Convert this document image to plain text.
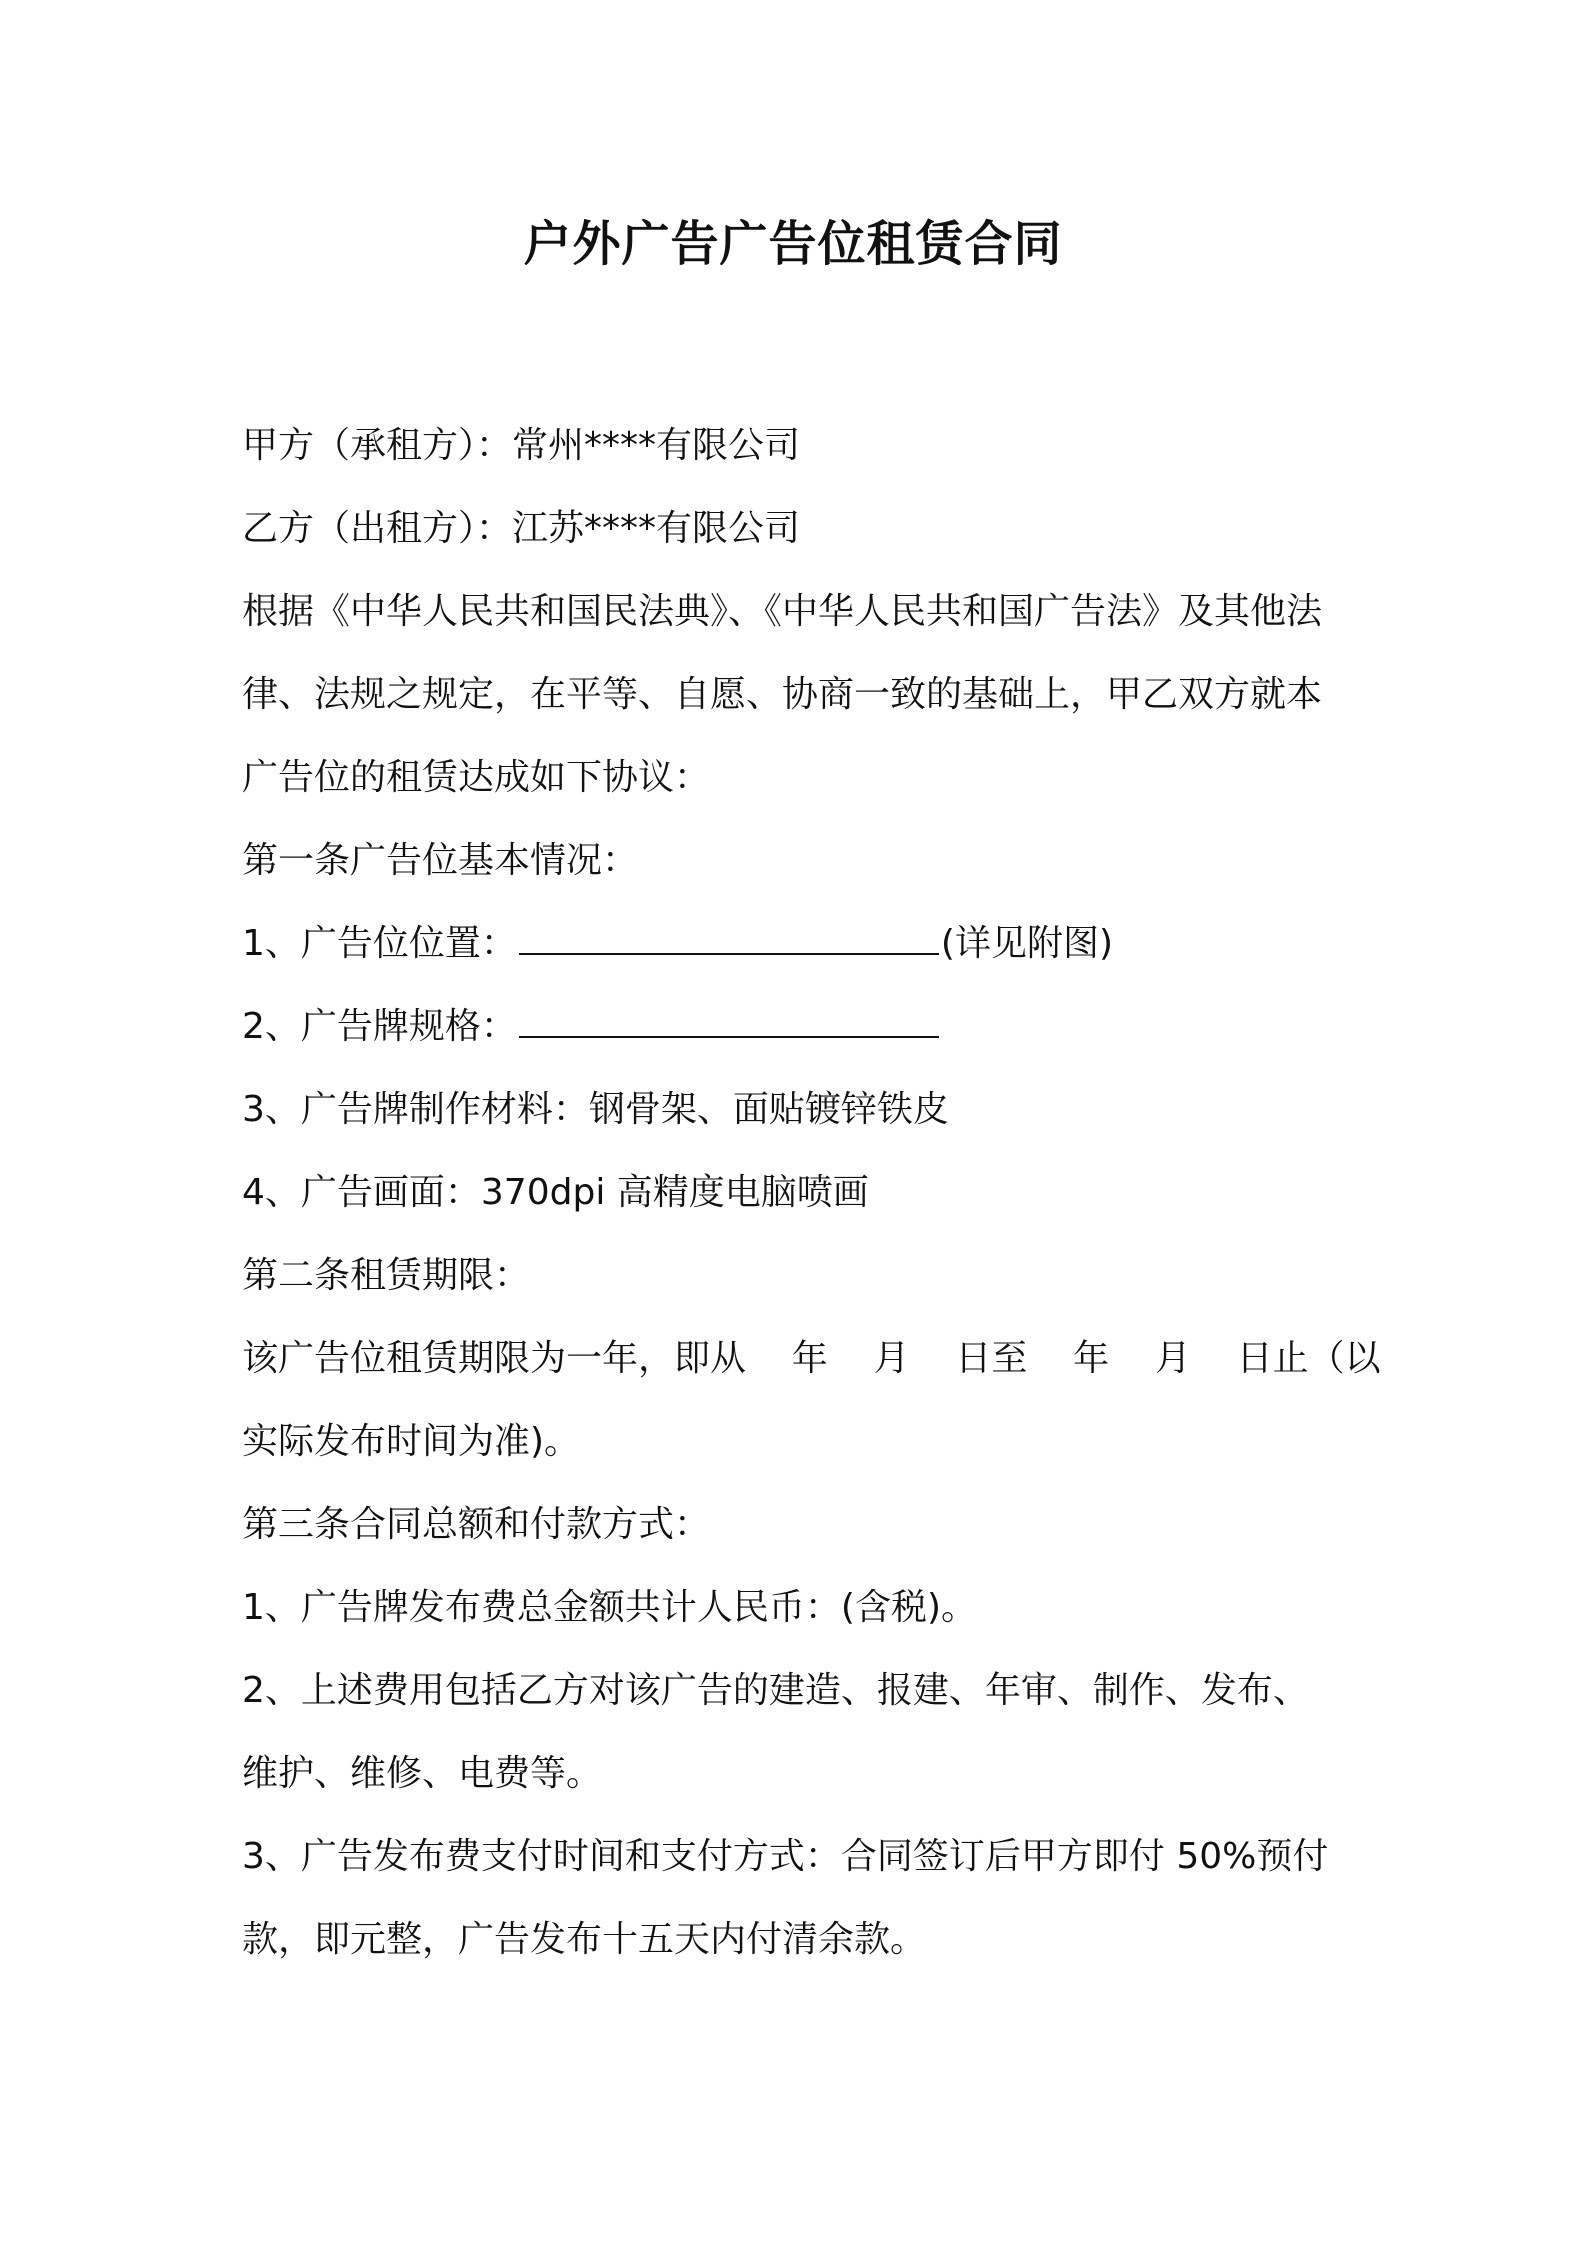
户外广告广告位租赁合同
甲方（承租方）：常州****有限公司
乙方（出租方）：江苏****有限公司
根据《中华人民共和国民法典》、《中华人民共和国广告法》及其他法
律、法规之规定，在平等、自愿、协商一致的基础上，甲乙双方就本
广告位的租赁达成如下协议：
第一条广告位基本情况：
1、广告位位置：	(详见附图)
2、广告牌规格：
3、广告牌制作材料：钢骨架、面贴镀锌铁皮
4、广告画面：370dpi 高精度电脑喷画
第二条租赁期限：
该广告位租赁期限为一年，即从    年    月    日至    年    月    日止（以
实际发布时间为准)。
第三条合同总额和付款方式：
1、广告牌发布费总金额共计人民币：(含税)。
2、上述费用包括乙方对该广告的建造、报建、年审、制作、发布、
维护、维修、电费等。
3、广告发布费支付时间和支付方式：合同签订后甲方即付 50%预付
款，即元整，广告发布十五天内付清余款。
